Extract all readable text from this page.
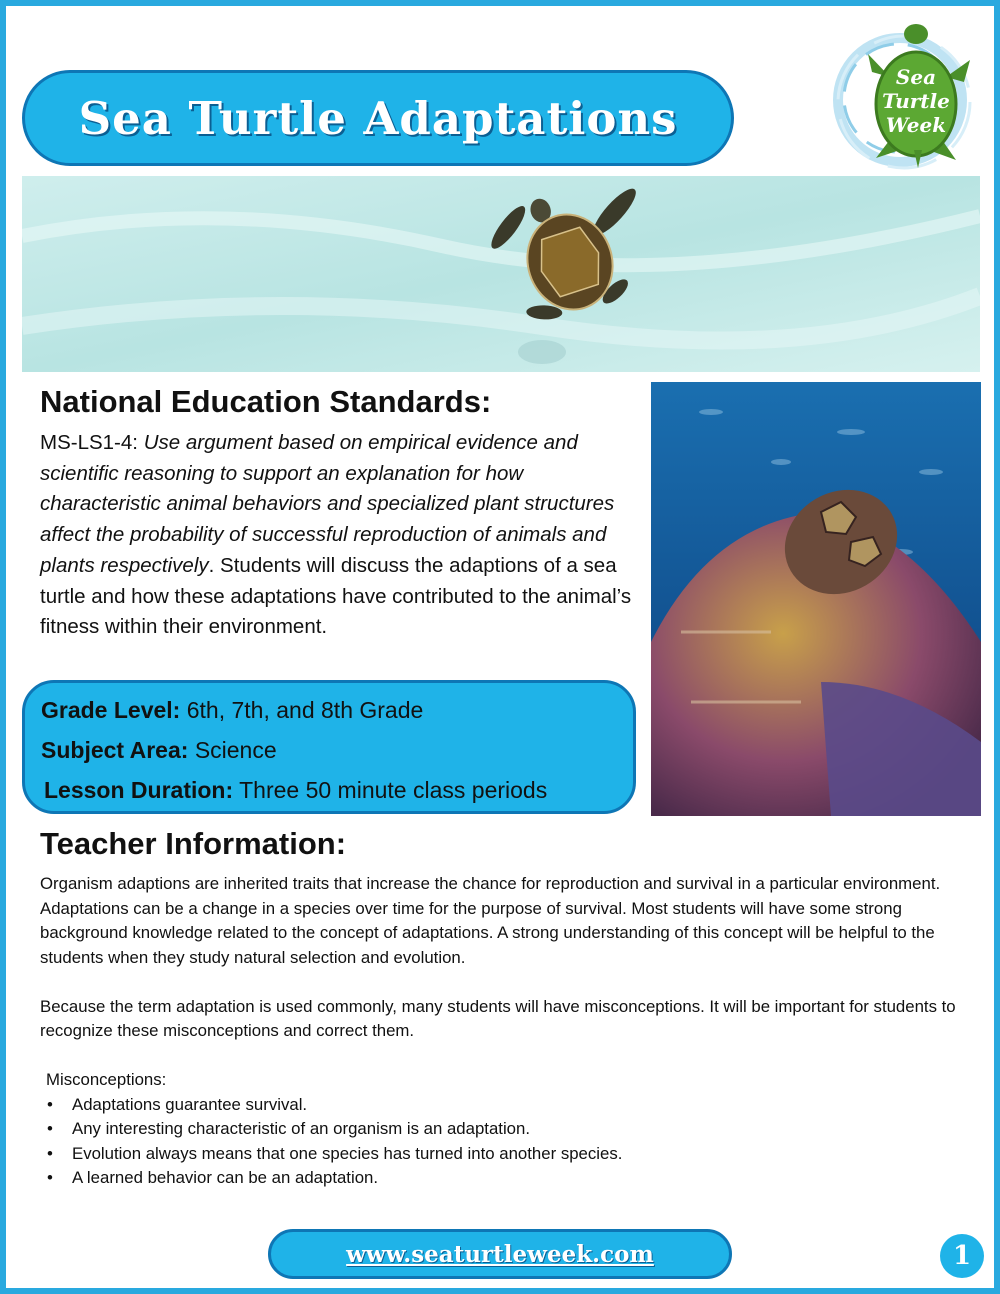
Sea Turtle Adaptations
Sea
Turtle
Week
National Education Standards:
MS-LS1-4: Use argument based on empirical evidence and scientific reasoning to support an explanation for how characteristic animal behaviors and specialized plant structures affect the probability of successful reproduction of animals and plants respectively. Students will discuss the adaptions of a sea turtle and how these adaptations have contributed to the animal’s fitness within their environment.
Grade Level: 6th, 7th, and 8th Grade
Subject Area: Science
Lesson Duration: Three 50 minute class periods
Teacher Information:

Organism adaptions are inherited traits that increase the chance for reproduction and survival in a particular environment. Adaptations can be a change in a species over time for the purpose of survival. Most students will have some strong background knowledge related to the concept of adaptations. A strong understanding of this concept will be helpful to the students when they study natural selection and evolution.

Because the term adaptation is used commonly, many students will have misconceptions. It will be important for students to recognize these misconceptions and correct them.

Misconceptions:
• Adaptations guarantee survival.
• Any interesting characteristic of an organism is an adaptation.
• Evolution always means that one species has turned into another species.
• A learned behavior can be an adaptation.
www.seaturtleweek.com	1
